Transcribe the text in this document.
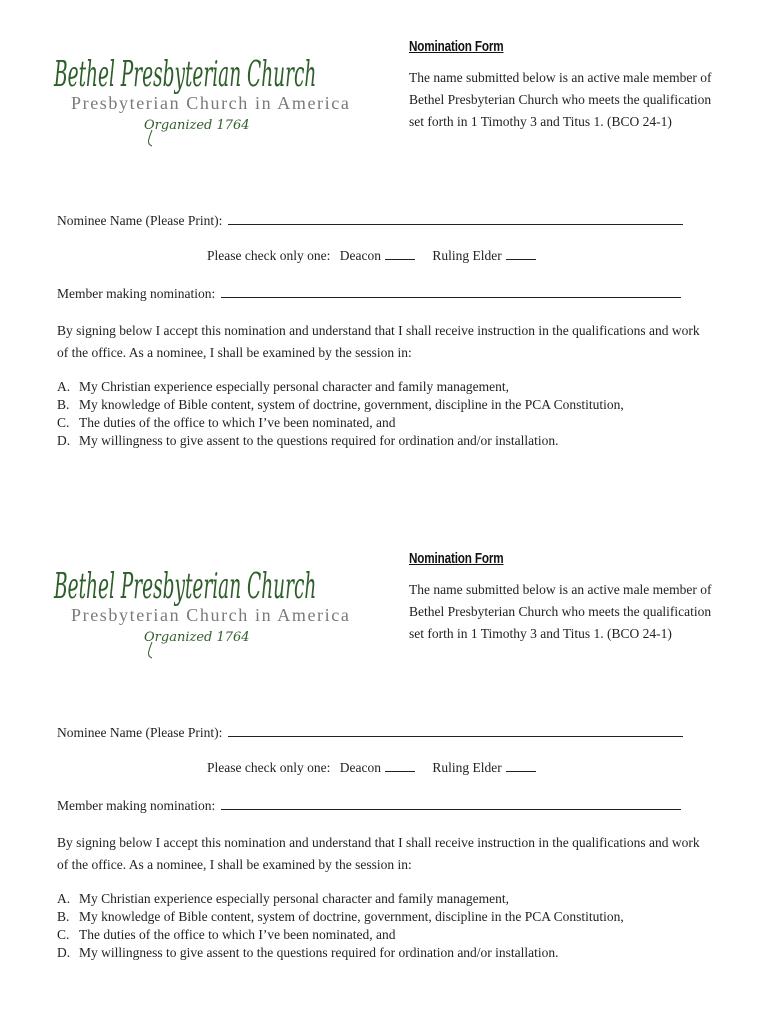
Bethel Presbyterian Church
Presbyterian Church in America
Organized 1764
Nomination Form
The name submitted below is an active male member of Bethel Presbyterian Church who meets the qualification set forth in 1 Timothy 3 and Titus 1. (BCO 24-1)
Nominee Name (Please Print):
Please check only one: Deacon	Ruling Elder
Member making nomination:
By signing below I accept this nomination and understand that I shall receive instruction in the qualifications and work of the office. As a nominee, I shall be examined by the session in:
A. My Christian experience especially personal character and family management,
B. My knowledge of Bible content, system of doctrine, government, discipline in the PCA Constitution,
C. The duties of the office to which I’ve been nominated, and
D. My willingness to give assent to the questions required for ordination and/or installation.
Bethel Presbyterian Church
Presbyterian Church in America
Organized 1764
Nomination Form
The name submitted below is an active male member of Bethel Presbyterian Church who meets the qualification set forth in 1 Timothy 3 and Titus 1. (BCO 24-1)
Nominee Name (Please Print):
Please check only one: Deacon	Ruling Elder
Member making nomination:
By signing below I accept this nomination and understand that I shall receive instruction in the qualifications and work of the office. As a nominee, I shall be examined by the session in:
A. My Christian experience especially personal character and family management,
B. My knowledge of Bible content, system of doctrine, government, discipline in the PCA Constitution,
C. The duties of the office to which I’ve been nominated, and
D. My willingness to give assent to the questions required for ordination and/or installation.
